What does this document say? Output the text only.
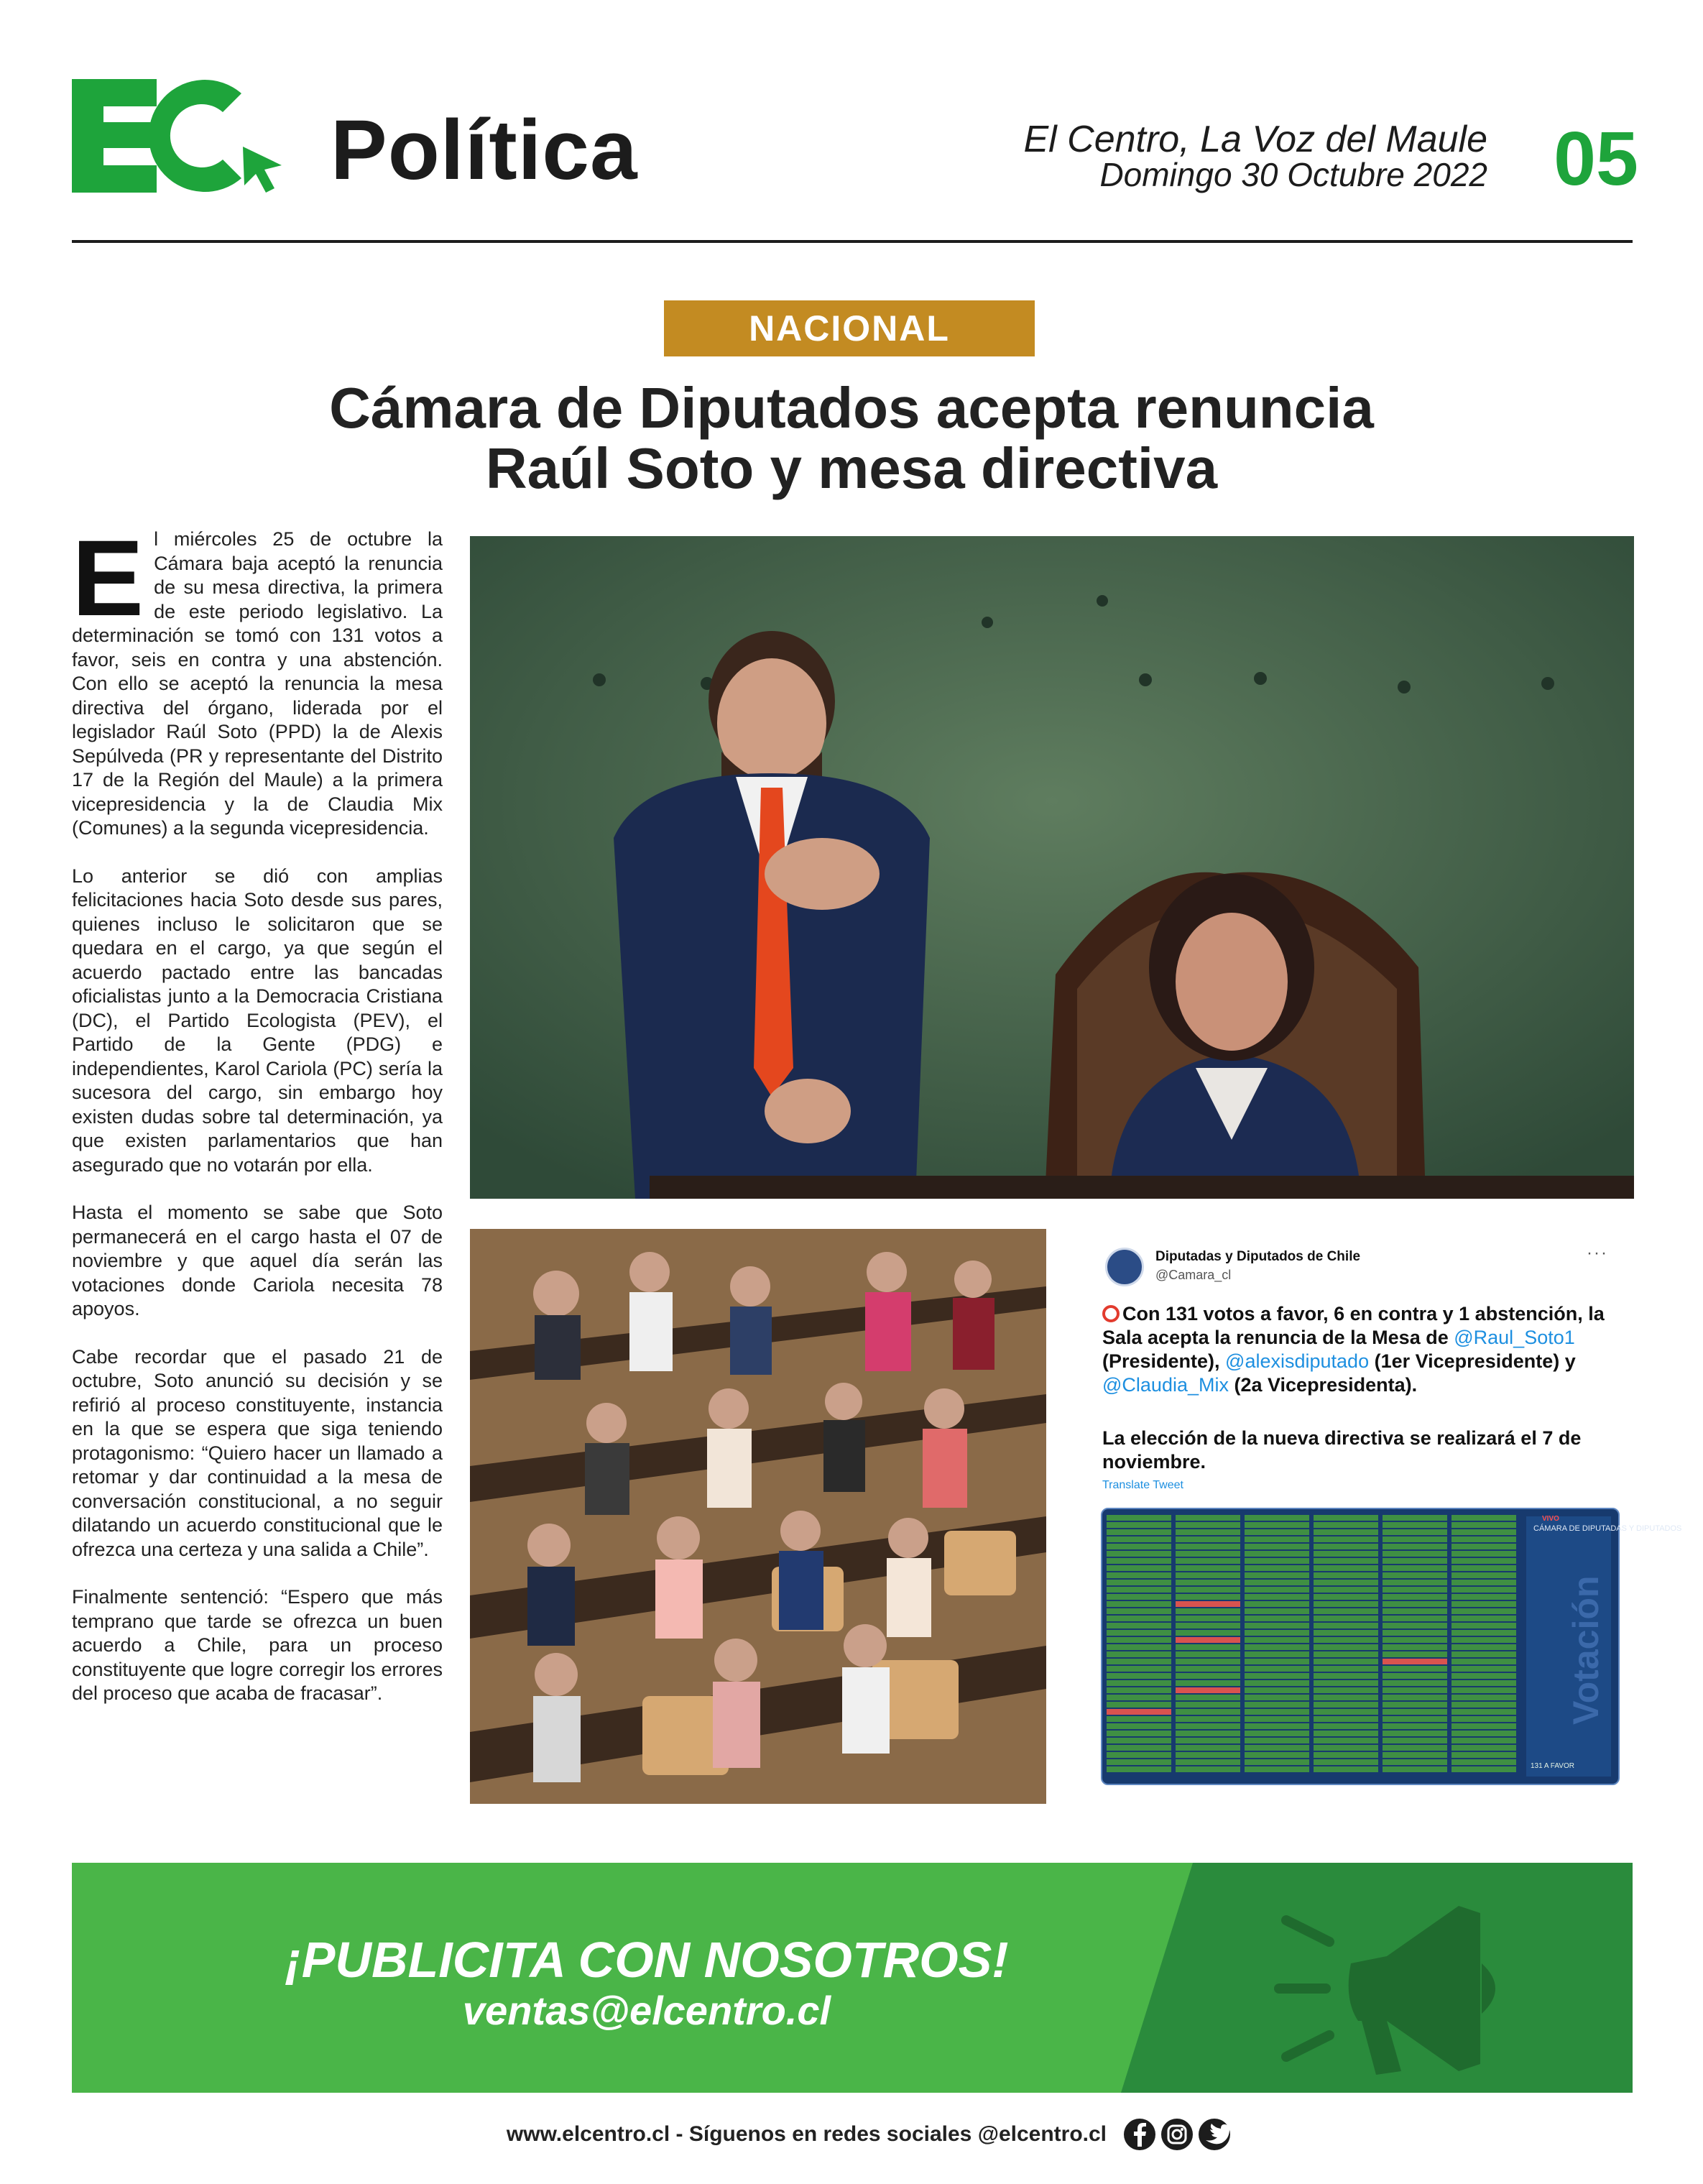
Política	El Centro, La Voz del Maule
Domingo 30 Octubre 2022 05
NACIONAL
Cámara de Diputados acepta renuncia
Raúl Soto y mesa directiva

El miércoles 25 de octubre la Cámara baja aceptó la renuncia de su mesa directiva, la primera de este periodo legislativo. La determinación se tomó con 131 votos a favor, seis en contra y una abstención. Con ello se aceptó la renuncia la mesa directiva del órgano, liderada por el legislador Raúl Soto (PPD) la de Alexis Sepúlveda (PR y representante del Distrito 17 de la Región del Maule) a la primera vicepresidencia y la de Claudia Mix (Comunes) a la segunda vicepresidencia.

Lo anterior se dió con amplias felicitaciones hacia Soto desde sus pares, quienes incluso le solicitaron que se quedara en el cargo, ya que según el acuerdo pactado entre las bancadas oficialistas junto a la Democracia Cristiana (DC), el Partido Ecologista (PEV), el Partido de la Gente (PDG) e independientes, Karol Cariola (PC) sería la sucesora del cargo, sin embargo hoy existen dudas sobre tal determinación, ya que existen parlamentarios que han asegurado que no votarán por ella.

Hasta el momento se sabe que Soto permanecerá en el cargo hasta el 07 de noviembre y que aquel día serán las votaciones donde Cariola necesita 78 apoyos.

Cabe recordar que el pasado 21 de octubre, Soto anunció su decisión y se refirió al proceso constituyente, instancia en la que se espera que siga teniendo protagonismo: “Quiero hacer un llamado a retomar y dar continuidad a la mesa de conversación constitucional, a no seguir dilatando un acuerdo constitucional que le ofrezca una certeza y una salida a Chile”.

Finalmente sentenció: “Espero que más temprano que tarde se ofrezca un buen acuerdo a Chile, para un proceso constituyente que logre corregir los errores del proceso que acaba de fracasar”.

Diputadas y Diputados de Chile
@Camara_cl
···
Con 131 votos a favor, 6 en contra y 1 abstención, la Sala acepta la renuncia de la Mesa de @Raul_Soto1 (Presidente), @alexisdiputado (1er Vicepresidente) y @Claudia_Mix (2a Vicepresidenta).
La elección de la nueva directiva se realizará el 7 de noviembre.
Translate Tweet
CÁMARA DE DIPUTADAS Y DIPUTADOS
VIVO
Votación
131 A FAVOR
¡PUBLICITA CON NOSOTROS!
ventas@elcentro.cl
www.elcentro.cl - Síguenos en redes sociales @elcentro.cl
